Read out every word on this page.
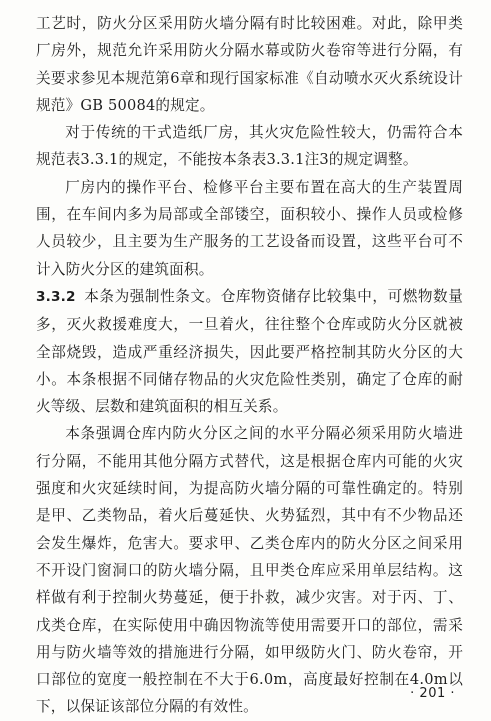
工艺时，防火分区采用防火墙分隔有时比较困难。对此，除甲类厂房外，规范允许采用防火分隔水幕或防火卷帘等进行分隔，有关要求参见本规范第6章和现行国家标准《自动喷水灭火系统设计规范》GB 50084的规定。

对于传统的干式造纸厂房，其火灾危险性较大，仍需符合本规范表3.3.1的规定，不能按本条表3.3.1注3的规定调整。

厂房内的操作平台、检修平台主要布置在高大的生产装置周围，在车间内多为局部或全部镂空，面积较小、操作人员或检修人员较少，且主要为生产服务的工艺设备而设置，这些平台可不计入防火分区的建筑面积。

3.3.2 本条为强制性条文。仓库物资储存比较集中，可燃物数量多，灭火救援难度大，一旦着火，往往整个仓库或防火分区就被全部烧毁，造成严重经济损失，因此要严格控制其防火分区的大小。本条根据不同储存物品的火灾危险性类别，确定了仓库的耐火等级、层数和建筑面积的相互关系。

本条强调仓库内防火分区之间的水平分隔必须采用防火墙进行分隔，不能用其他分隔方式替代，这是根据仓库内可能的火灾强度和火灾延续时间，为提高防火墙分隔的可靠性确定的。特别是甲、乙类物品，着火后蔓延快、火势猛烈，其中有不少物品还会发生爆炸，危害大。要求甲、乙类仓库内的防火分区之间采用不开设门窗洞口的防火墙分隔，且甲类仓库应采用单层结构。这样做有利于控制火势蔓延，便于扑救，减少灾害。对于丙、丁、戊类仓库，在实际使用中确因物流等使用需要开口的部位，需采用与防火墙等效的措施进行分隔，如甲级防火门、防火卷帘，开口部位的宽度一般控制在不大于6.0m，高度最好控制在4.0m以下，以保证该部位分隔的有效性。

· 201 ·
